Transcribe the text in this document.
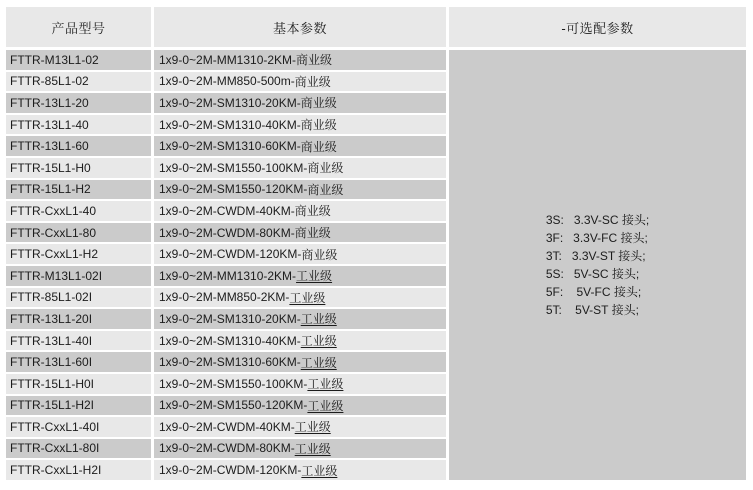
产品型号	基本参数	-可选配参数
FTTR-M13L1-02	1x9-0~2M-MM1310-2KM- 商业级
FTTR-85L1-02	1x9-0~2M-MM850-500m- 商业级
FTTR-13L1-20	1x9-0~2M-SM1310-20KM- 商业级
FTTR-13L1-40	1x9-0~2M-SM1310-40KM- 商业级
FTTR-13L1-60	1x9-0~2M-SM1310-60KM- 商业级
FTTR-15L1-H0	1x9-0~2M-SM1550-100KM- 商业级
FTTR-15L1-H2	1x9-0~2M-SM1550-120KM- 商业级
FTTR-CxxL1-40	1x9-0~2M-CWDM-40KM- 商业级
FTTR-CxxL1-80	1x9-0~2M-CWDM-80KM- 商业级
FTTR-CxxL1-H2	1x9-0~2M-CWDM-120KM- 商业级
FTTR-M13L1-02I	1x9-0~2M-MM1310-2KM- 工业级
FTTR-85L1-02I	1x9-0~2M-MM850-2KM- 工业级
FTTR-13L1-20I	1x9-0~2M-SM1310-20KM- 工业级
FTTR-13L1-40I	1x9-0~2M-SM1310-40KM- 工业级
FTTR-13L1-60I	1x9-0~2M-SM1310-60KM- 工业级
FTTR-15L1-H0I	1x9-0~2M-SM1550-100KM- 工业级
FTTR-15L1-H2I	1x9-0~2M-SM1550-120KM- 工业级
FTTR-CxxL1-40I	1x9-0~2M-CWDM-40KM- 工业级
FTTR-CxxL1-80I	1x9-0~2M-CWDM-80KM- 工业级
FTTR-CxxL1-H2I	1x9-0~2M-CWDM-120KM- 工业级
3S:   3.3V-SC 接头;
3F:   3.3V-FC 接头;
3T:   3.3V-ST 接头;
5S:   5V-SC 接头;
5F:    5V-FC 接头;
5T:    5V-ST 接头;
